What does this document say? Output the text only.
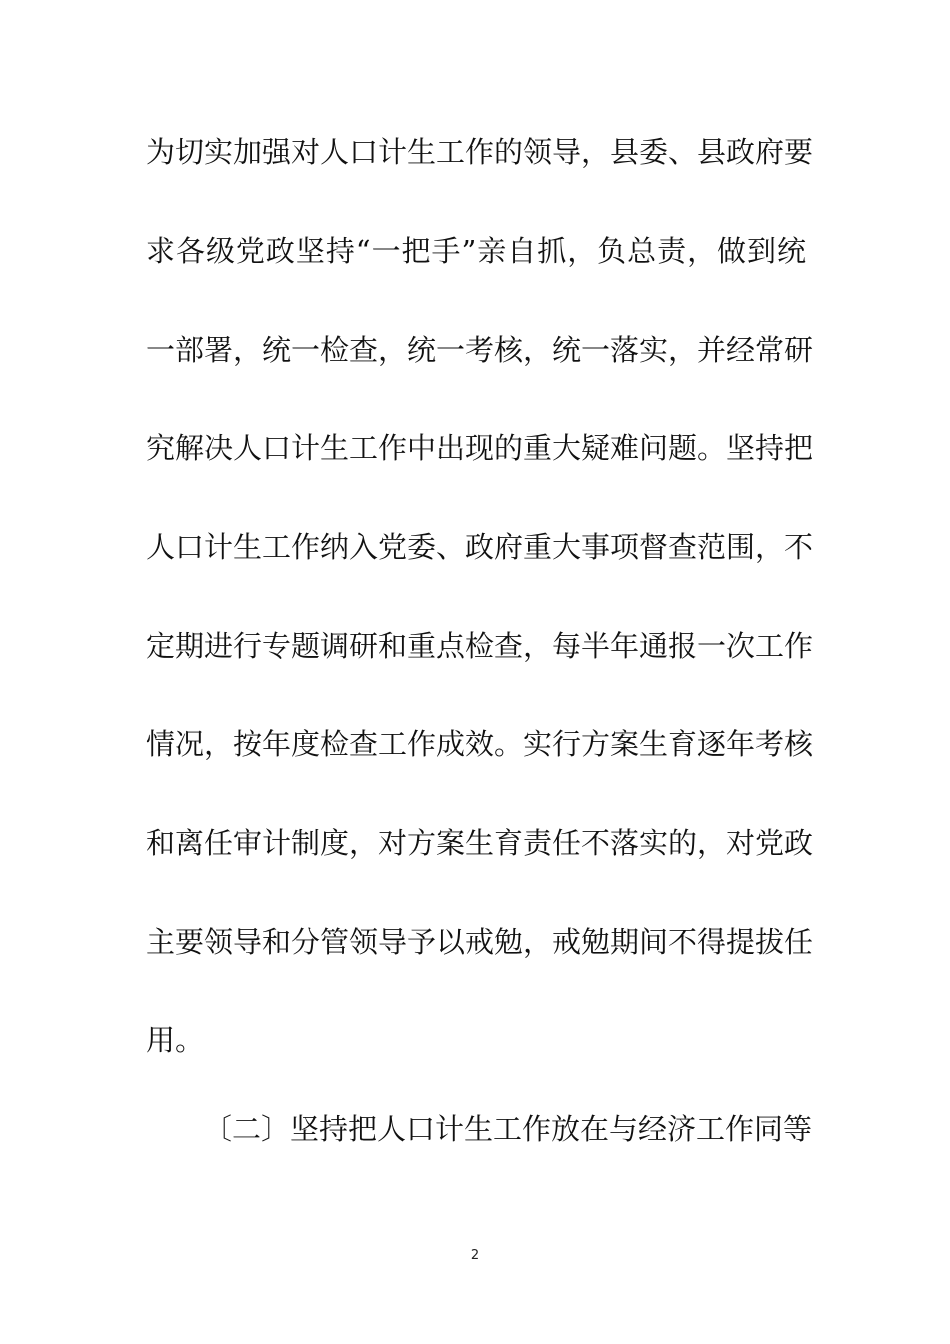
为切实加强对人口计生工作的领导，县委、县政府要
求各级党政坚持“一把手”亲自抓，负总责，做到统
一部署，统一检查，统一考核，统一落实，并经常研
究解决人口计生工作中出现的重大疑难问题。坚持把
人口计生工作纳入党委、政府重大事项督查范围，不
定期进行专题调研和重点检查，每半年通报一次工作
情况，按年度检查工作成效。实行方案生育逐年考核
和离任审计制度，对方案生育责任不落实的，对党政
主要领导和分管领导予以戒勉，戒勉期间不得提拔任
用。
〔二〕坚持把人口计生工作放在与经济工作同等
2
